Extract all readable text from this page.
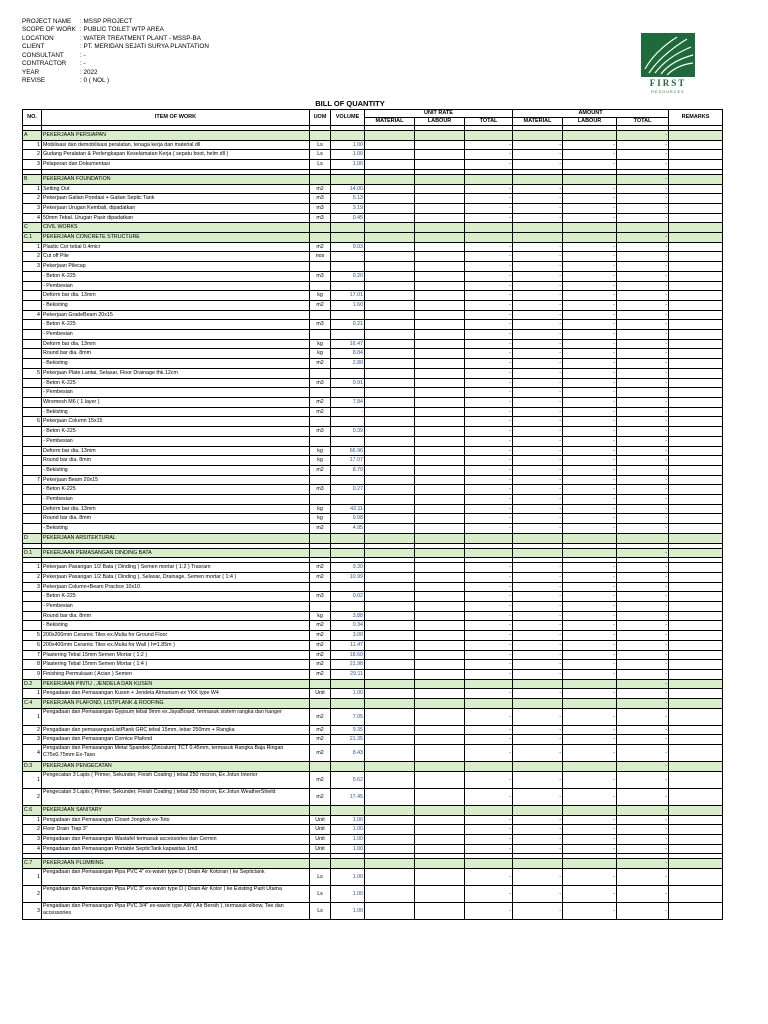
PROJECT NAME	: MSSP PROJECT
SCOPE OF WORK : PUBLIC TOILET WTP AREA
LOCATION	: WATER TREATMENT PLANT - MSSP-BA
CLIENT	: PT. MERIDAN SEJATI SURYA PLANTATION
CONSULTANT	: -
CONTRACTOR	: -
YEAR	: 2022
REVISE	: 0 ( NOL )	FIRST
RESOURCES
BILL OF QUANTITY
NO.	ITEM OF WORK	UOM	VOLUME	UNIT RATE			AMOUNT			REMARKS
				MATERIAL	LABOUR	TOTAL	MATERIAL	LABOUR	TOTAL	

A	PEKERJAAN PERSIAPAN								-	
1	Mobilisasi dan demobilisasi peralatan, tenaga kerja dan material dll	Ls	1.00			-	-	-	-	
2	Gudang Peralatan & Perlengkapan Keselamatan Kerja ( sepatu boot, helm dll )	Ls	1.00			-	-	-	-	
3	Pelaporan dan Dokumentasi	Ls	1.00			-	-	-	-	

B	PEKERJAAN FOUNDATION								-	
1	Setting Out	m2	14.00			-	-	-	-	
2	Pekerjaan Galian Pondasi + Galian Septic Tank	m3	5.13			-	-	-	-	
3	Pekerjaan Urugan Kembali, dipadatkan	m3	3.19			-	-	-	-	
4	50mm Tebal. Urugan Pasir dipadatkan	m3	0.45			-	-	-	-	
C	CIVIL WORKS									
C.1	PEKERJAAN CONCRETE STRUCTURE								-	
1	Plastic Cor tebal 0.4micr	m2	9.03			-	-	-	-	
2	Cut off Pile	nos	-			-	-	-	-	
3	Pekerjaan Pilecap					-	-	-	-	
	- Beton K-225	m3	0.20			-	-	-	-	
	- Pembesian					-	-	-	-	
	Deform bar dia. 13mm	kg	17.01			-	-	-	-	
	- Bekisting	m2	1.60			-	-	-	-	
4	Pekerjaan GradeBeam 20x15					-	-	-	-	
	- Beton K-225	m3	0.21			-	-	-	-	
	- Pembesian					-	-	-	-	
	Deform bar dia. 13mm	kg	16.47			-	-	-	-	
	Round bar dia. 8mm	kg	8.84			-	-	-	-	
	- Bekisting	m2	2.80			-	-	-	-	
5	Pekerjaan Plate Lantai, Selasar, Floor Drainage thk.12cm					-	-	-	-	
	- Beton K-225	m3	0.91			-	-	-	-	
	- Pembesian					-	-	-	-	
	Wiremesh M6 ( 1 layer )	m2	7.84			-	-	-	-	
	- Bekisting	m2	-			-	-	-	-	
6	Pekerjaan Column 15x15					-	-	-	-	
	- Beton K-225	m3	0.39			-	-	-	-	
	- Pembesian					-	-	-	-	
	Deform bar dia. 13mm	kg	66.96			-	-	-	-	
	Round bar dia. 8mm	kg	17.07			-	-	-	-	
	- Bekisting	m2	8.70			-	-	-	-	
7	Pekerjaan Beam 20x15					-	-	-	-	
	- Beton K-225	m3	0.27			-	-	-	-	
	- Pembesian					-	-	-	-	
	Deform bar dia. 13mm	kg	42.11			-	-	-	-	
	Round bar dia. 8mm	kg	9.08			-	-	-	-	
	- Bekisting	m2	4.95			-	-	-	-	
D	PEKERJAAN ARSITEKTURAL									

D.1	PEKERJAAN PEMASANGAN DINDING BATA								-	

1	Pekerjaan Pasangan 1/2 Bata ( Dinding ) Semen mortar ( 1:2 ) Trasram	m2	9.30			-	-	-	-	
2	Pekerjaan Pasangan 1/2 Bata ( Dinding ), Selasar, Drainage, Semen mortar ( 1:4 )	m2	10.99			-	-	-	-	
3	Pekerjaan Column+Beam Practice 10x10					-	-	-	-	
	- Beton K-225	m3	0.02			-	-	-	-	
	- Pembesian					-	-	-	-	
	Round bar dia. 8mm	kg	3.88			-	-	-	-	
	- Bekisting	m2	0.34			-	-	-	-	
5	200x200mm Ceramic Tiles ex.Mulia for Ground Floor	m2	3.00			-	-	-	-	
6	200x400mm Ceramic Tiles ex.Mulia for Wall ( h=1.85m )	m2	11.47			-	-	-	-	
7	Plastering Tebal 15mm Semen Mortar ( 1:2 )	m2	18.60			-	-	-	-	
8	Plastering Tebal 15mm Semen Mortar ( 1:4 )	m2	21.98			-	-	-	-	
9	Finishing Permukaan ( Acian ) Semen	m2	29.11			-	-	-	-	
D.2	PEKERJAAN PINTU , JENDELA DAN KUSEN								-	
1	Pengadaan dan Pemasangan Kusen + Jendela Almunium ex YKK type W4	Unit	1.00			-	-	-	-	
C.4	PEKERJAAN PLAFOND, LISTPLANK & ROOFING								-	
1	Pengadaan dan Pemasangan Gypsum tebal 9mm ex.JayaBoard, termasuk sistem rangka dan hanger	m2	7.05			-	-	-	-	
2	Pengadaan dan pemasanganListPlank GRC tebal 15mm, lebar 250mm + Rangka	m2	9.35			-	-	-	-	
3	Pengadaan dan Pemasangan Cornice Plafond	m2	21.35			-	-	-	-	
4	Pengadaan dan Pemasangan Metal Spandek (Zincalum) TCT 0.45mm, termasuk Rangka Baja Ringan C75x0.75mm Ex-Taso	m2	8.43			-	-	-	-	
D.3	PEKERJAAN PENGECATAN								-	
1	Pengecatan 3 Lapis ( Primer, Sekunder, Finish Coating ) tebal 250 micron, Ex Jotun Interior	m2	5.62			-	-	-	-	
2	Pengecatan 3 Lapis ( Primer, Sekunder, Finish Coating ) tebal 250 micron, Ex Jotun WeatherShield	m2	17.45			-	-	-	-	
C.6	PEKERJAAN SANITARY								-	
1	Pengadaan dan Pemasangan Closet Jongkok ex-Toto	Unit	1.00			-	-	-	-	
2	Floor Drain Trap 3"	Unit	1.00			-	-	-	-	
3	Pengadaan dan Pemasangan Wastafel termasuk accessories dan Cermin	Unit	1.00			-	-	-	-	
4	Pengadaan dan Pemasangan Portable SepticTank kapasitas 1m3	Unit	1.00			-	-	-	-	

C.7	PEKERJAAN PLUMBING								-	
1	Pengadaan dan Pemasangan Pipa PVC 4" ex-wavin type D ( Drain Air Kotoran ) ke Septictank	Ls	1.00			-	-	-	-	
2	Pengadaan dan Pemasangan Pipa PVC 3" ex-wavin type D ( Drain Air Kotor ) ke Existing Parit Utama	Ls	1.00			-	-	-	-	
3	Pengadaan dan Pemasangan Pipa PVC 3/4" ex-wavin type AW ( Air Bersih ), termasuk elbow, Tee dan accessories	Ls	1.00			-	-	-	-	
